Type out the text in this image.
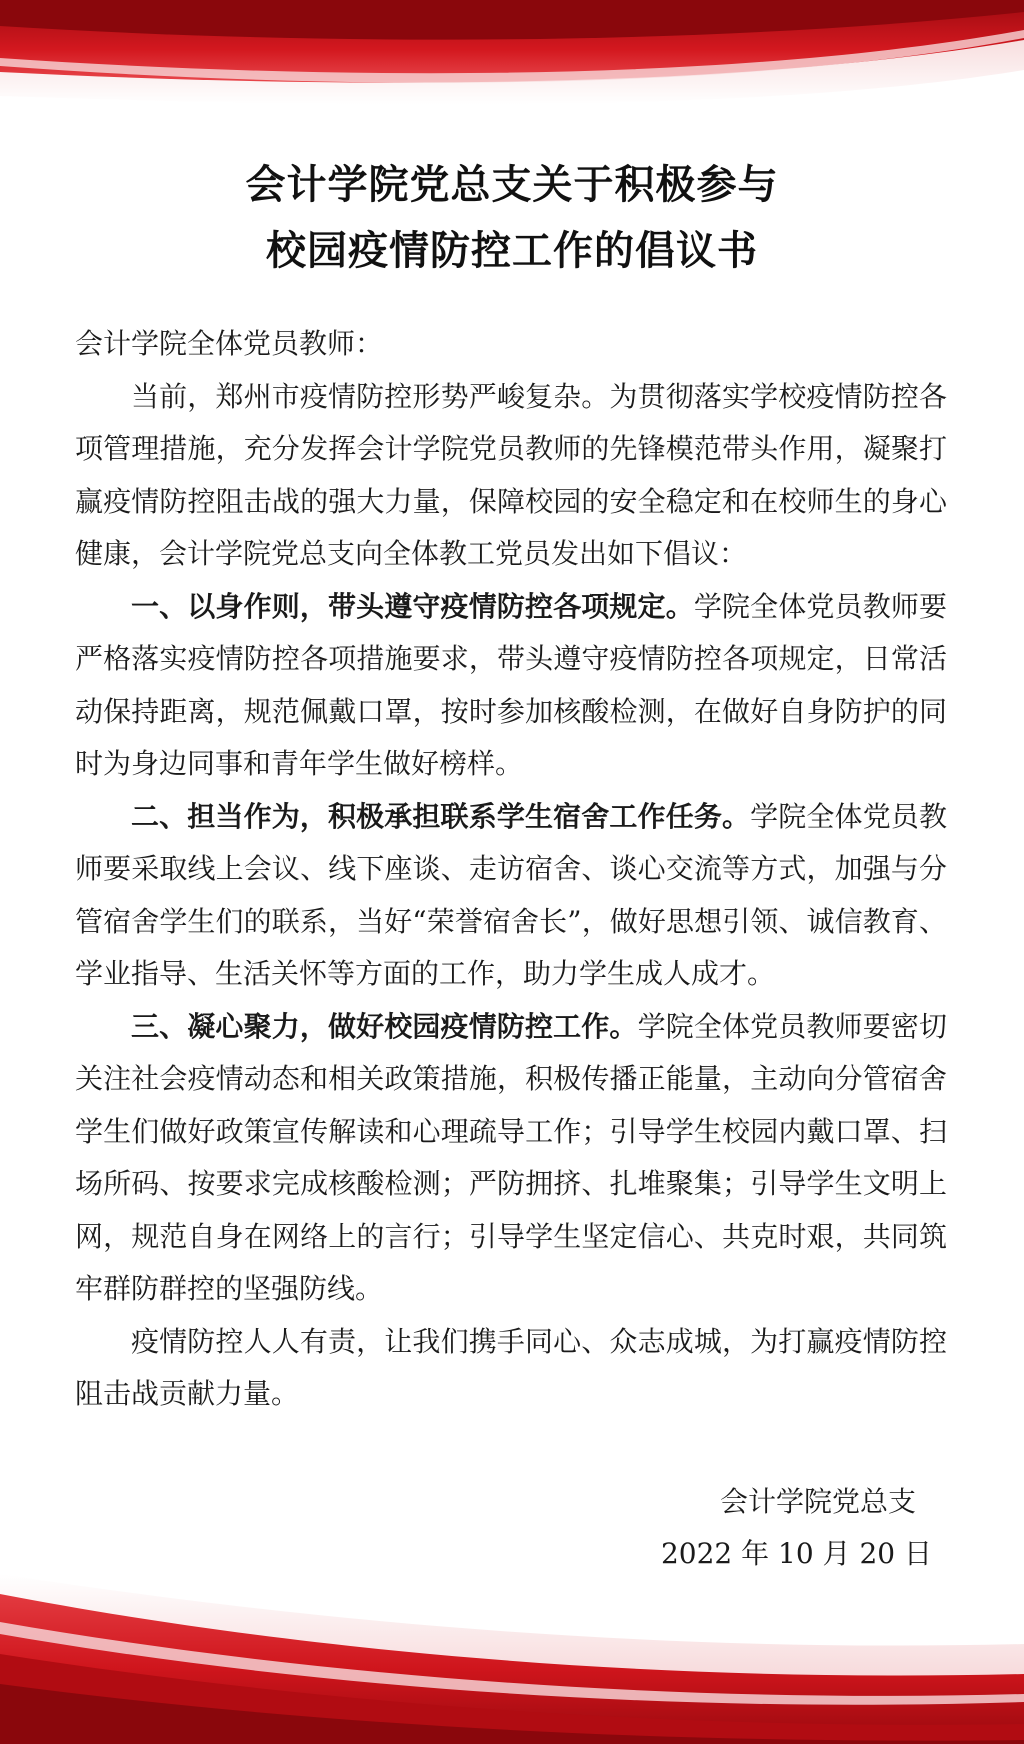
会计学院党总支关于积极参与
校园疫情防控工作的倡议书

会计学院全体党员教师：

当前，郑州市疫情防控形势严峻复杂。为贯彻落实学校疫情防控各项管理措施，充分发挥会计学院党员教师的先锋模范带头作用，凝聚打赢疫情防控阻击战的强大力量，保障校园的安全稳定和在校师生的身心健康，会计学院党总支向全体教工党员发出如下倡议：

一、以身作则，带头遵守疫情防控各项规定。学院全体党员教师要严格落实疫情防控各项措施要求，带头遵守疫情防控各项规定，日常活动保持距离，规范佩戴口罩，按时参加核酸检测，在做好自身防护的同时为身边同事和青年学生做好榜样。

二、担当作为，积极承担联系学生宿舍工作任务。学院全体党员教师要采取线上会议、线下座谈、走访宿舍、谈心交流等方式，加强与分管宿舍学生们的联系，当好“荣誉宿舍长”，做好思想引领、诚信教育、学业指导、生活关怀等方面的工作，助力学生成人成才。

三、凝心聚力，做好校园疫情防控工作。学院全体党员教师要密切关注社会疫情动态和相关政策措施，积极传播正能量，主动向分管宿舍学生们做好政策宣传解读和心理疏导工作；引导学生校园内戴口罩、扫场所码、按要求完成核酸检测；严防拥挤、扎堆聚集；引导学生文明上网，规范自身在网络上的言行；引导学生坚定信心、共克时艰，共同筑牢群防群控的坚强防线。

疫情防控人人有责，让我们携手同心、众志成城，为打赢疫情防控阻击战贡献力量。

会计学院党总支
2022 年 10 月 20 日
